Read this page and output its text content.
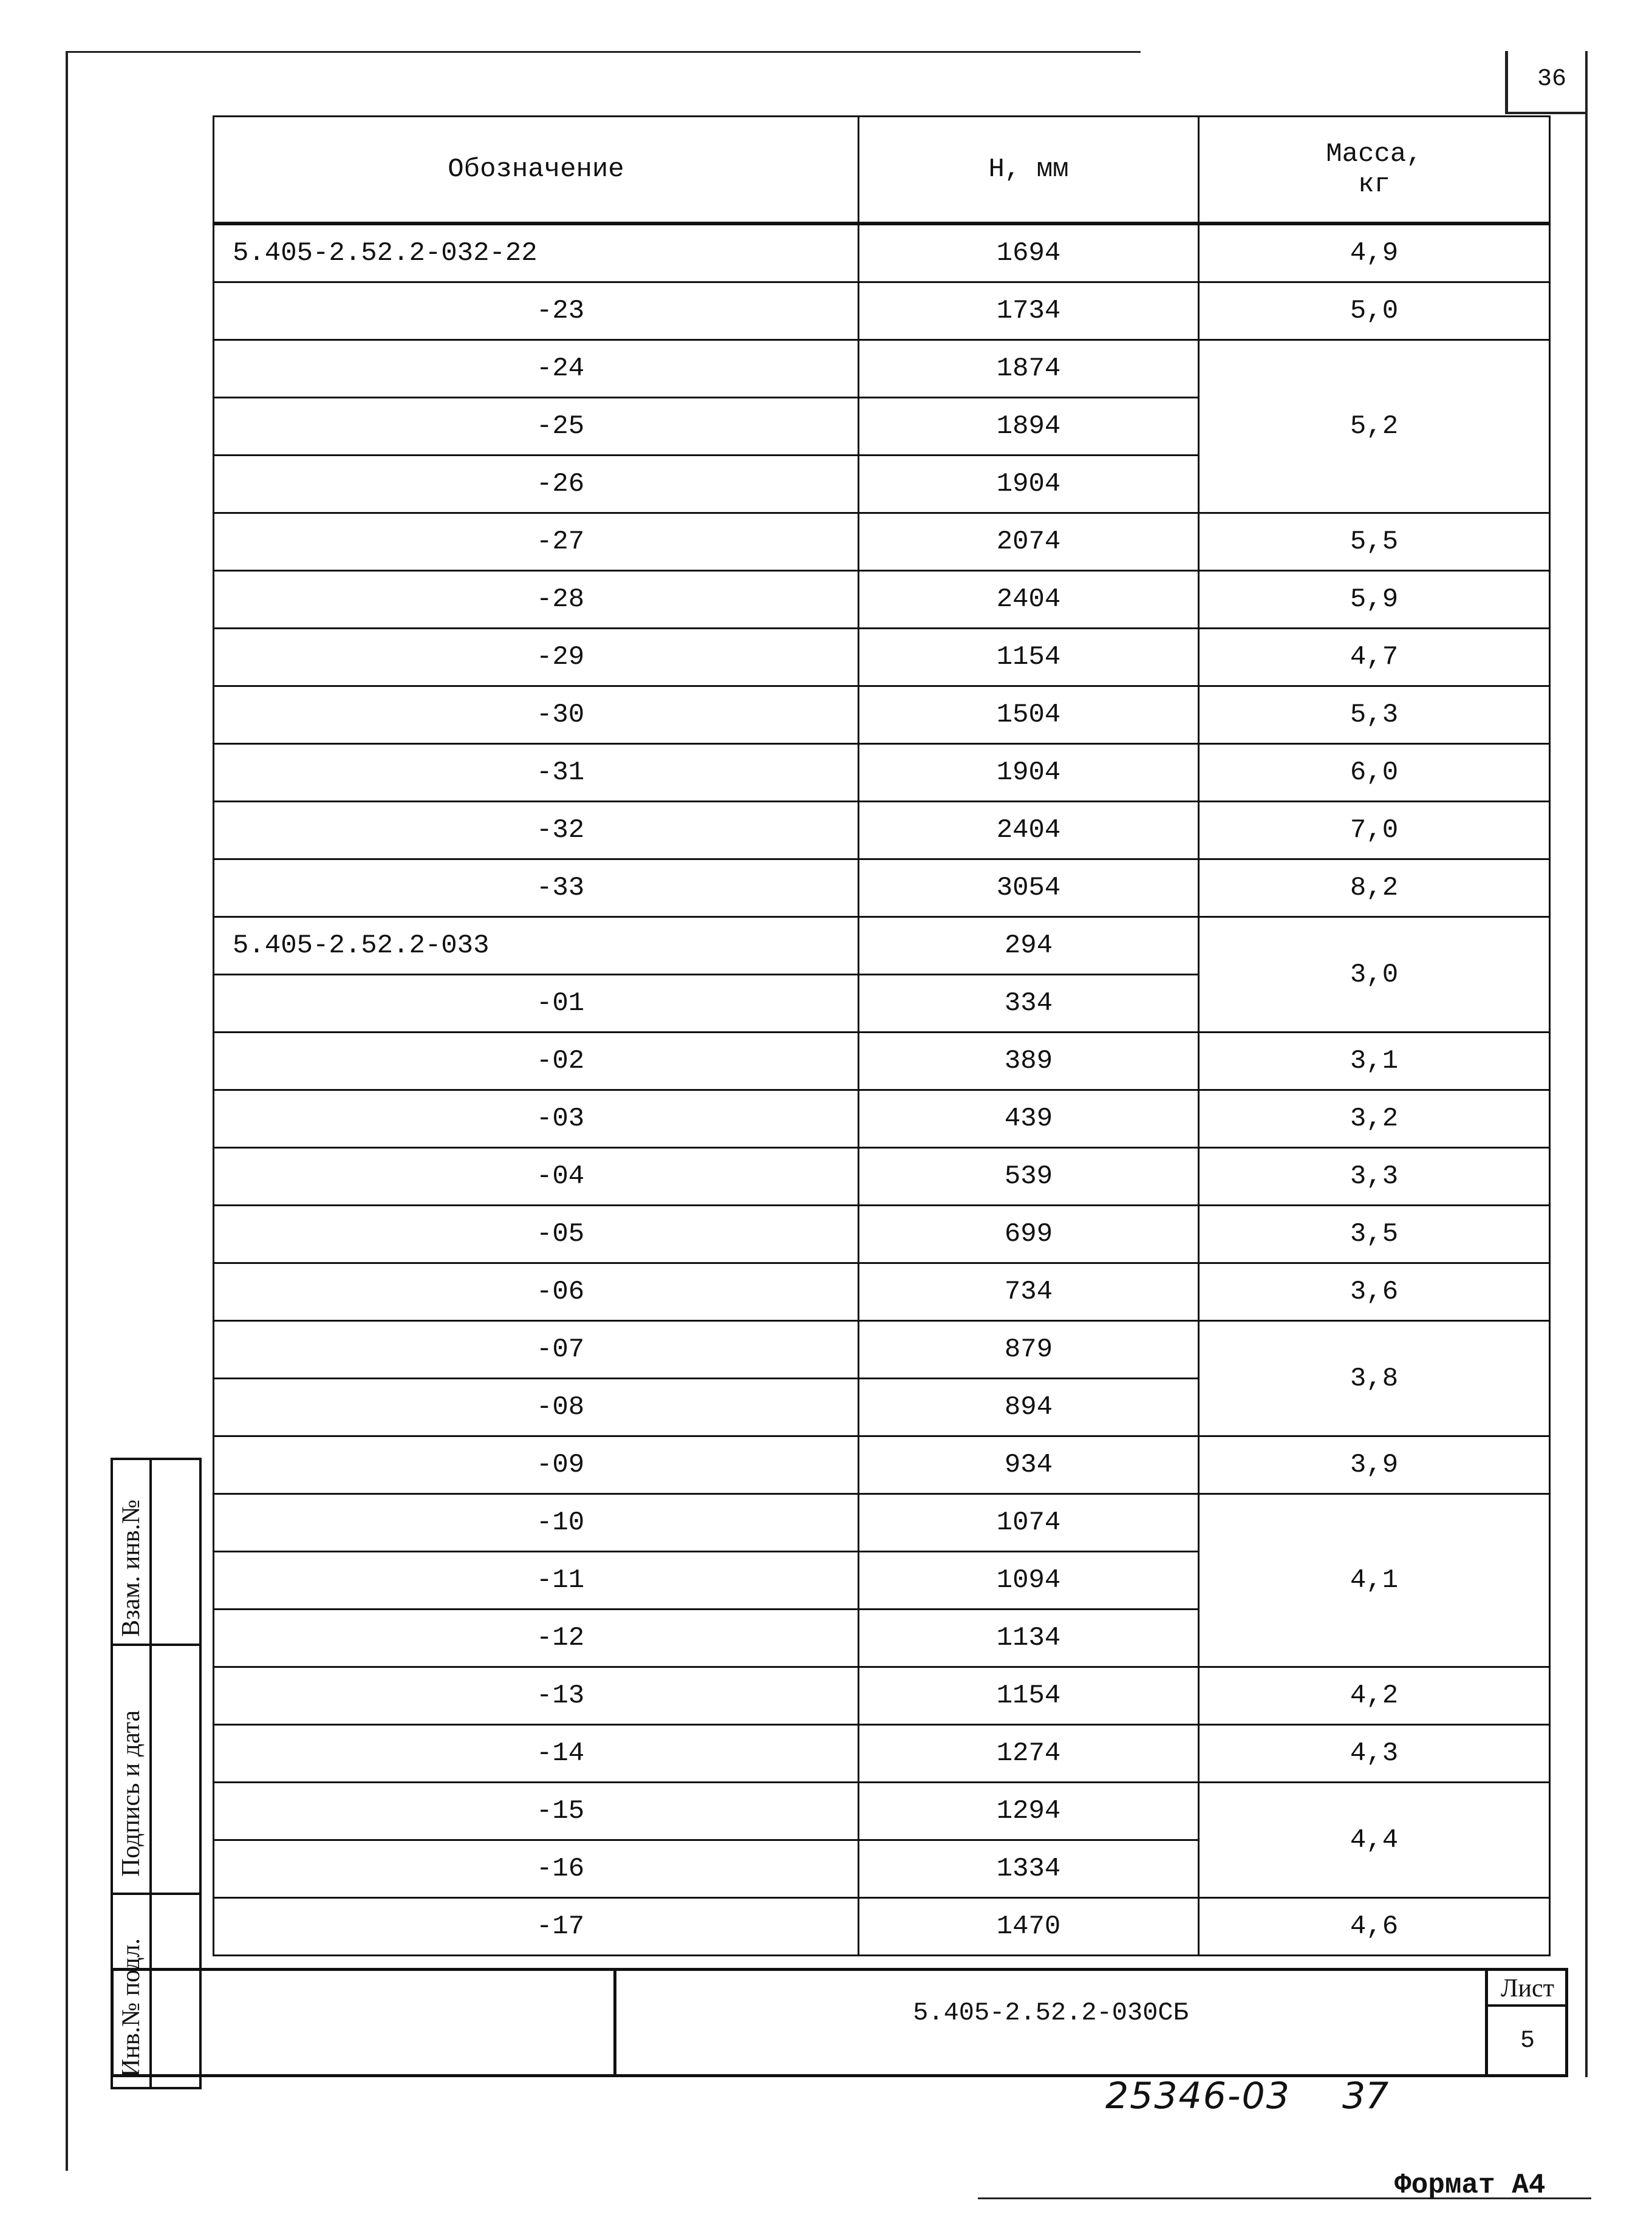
36
Обозначение	H, мм	Масса,
кг

5.405-2.52.2-032-22	1694	4,9
-23	1734	5,0
-24	1874	5,2
-25	1894	
-26	1904	
-27	2074	5,5
-28	2404	5,9
-29	1154	4,7
-30	1504	5,3
-31	1904	6,0
-32	2404	7,0
-33	3054	8,2
5.405-2.52.2-033	294	3,0
-01	334	
-02	389	3,1
-03	439	3,2
-04	539	3,3
-05	699	3,5
-06	734	3,6
-07	879	3,8
-08	894	
-09	934	3,9
-10	1074	4,1
-11	1094	
-12	1134	
-13	1154	4,2
-14	1274	4,3
-15	1294	4,4
-16	1334	
-17	1470	4,6
Взам. инв.№
Подпись и дата
Инв.№ подл.	5.405-2.52.2-030СБ
Лист
5
25346-03 37
Формат А4
